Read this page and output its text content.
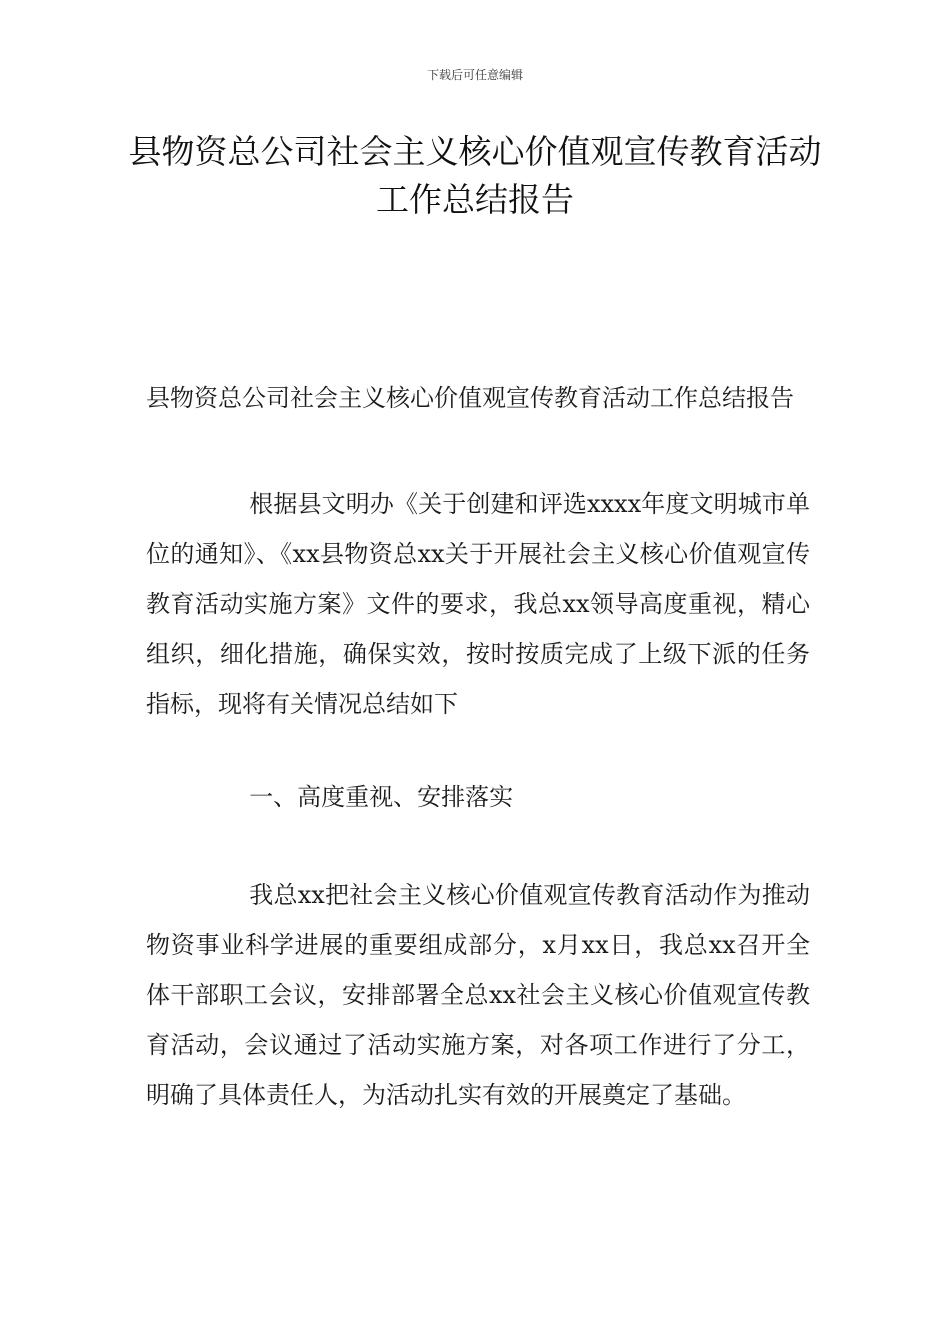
下载后可任意编辑
县物资总公司社会主义核心价值观宣传教育活动工作总结报告

县物资总公司社会主义核心价值观宣传教育活动工作总结报告

根据县文明办《关于创建和评选xxxx年度文明城市单位的通知》、《xx县物资总xx关于开展社会主义核心价值观宣传教育活动实施方案》文件的要求，我总xx领导高度重视，精心组织，细化措施，确保实效，按时按质完成了上级下派的任务指标，现将有关情况总结如下

一、高度重视、安排落实

我总xx把社会主义核心价值观宣传教育活动作为推动物资事业科学进展的重要组成部分，x月xx日，我总xx召开全体干部职工会议，安排部署全总xx社会主义核心价值观宣传教育活动，会议通过了活动实施方案，对各项工作进行了分工，明确了具体责任人，为活动扎实有效的开展奠定了基础。
